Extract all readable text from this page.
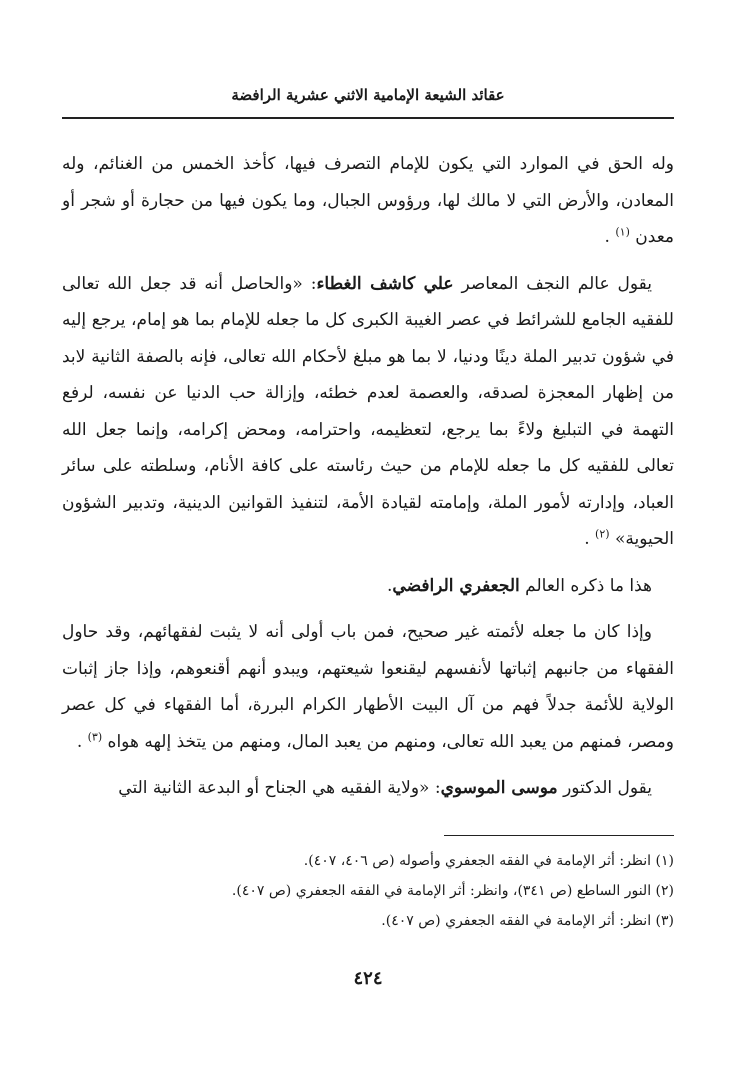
عقائد الشيعة الإمامية الاثني عشرية الرافضة

وله الحق في الموارد التي يكون للإمام التصرف فيها، كأخذ الخمس من الغنائم، وله المعادن، والأرض التي لا مالك لها، ورؤوس الجبال، وما يكون فيها من حجارة أو شجر أو معدن $^{(١)}$ .

يقول عالم النجف المعاصر علي كاشف الغطاء: «والحاصل أنه قد جعل الله تعالى للفقيه الجامع للشرائط في عصر الغيبة الكبرى كل ما جعله للإمام بما هو إمام، يرجع إليه في شؤون تدبير الملة دينًا ودنيا، لا بما هو مبلغ لأحكام الله تعالى، فإنه بالصفة الثانية لابد من إظهار المعجزة لصدقه، والعصمة لعدم خطئه، وإزالة حب الدنيا عن نفسه، لرفع التهمة في التبليغ ولاءً بما يرجع، لتعظيمه، واحترامه، ومحض إكرامه، وإنما جعل الله تعالى للفقيه كل ما جعله للإمام من حيث رئاسته على كافة الأنام، وسلطته على سائر العباد، وإدارته لأمور الملة، وإمامته لقيادة الأمة، لتنفيذ القوانين الدينية، وتدبير الشؤون الحيوية» $^{(٢)}$ .

هذا ما ذكره العالم الجعفري الرافضي.

وإذا كان ما جعله لأئمته غير صحيح، فمن باب أولى أنه لا يثبت لفقهائهم، وقد حاول الفقهاء من جانبهم إثباتها لأنفسهم ليقنعوا شيعتهم، ويبدو أنهم أقنعوهم، وإذا جاز إثبات الولاية للأئمة جدلاً فهم من آل البيت الأطهار الكرام البررة، أما الفقهاء في كل عصر ومصر، فمنهم من يعبد الله تعالى، ومنهم من يعبد المال، ومنهم من يتخذ إلهه هواه $^{(٣)}$ .

يقول الدكتور موسى الموسوي: «ولاية الفقيه هي الجناح أو البدعة الثانية التي

(١) انظر: أثر الإمامة في الفقه الجعفري وأصوله (ص ٤٠٦، ٤٠٧).

(٢) النور الساطع (ص ٣٤١)، وانظر: أثر الإمامة في الفقه الجعفري (ص ٤٠٧).

(٣) انظر: أثر الإمامة في الفقه الجعفري (ص ٤٠٧).

٤٢٤
